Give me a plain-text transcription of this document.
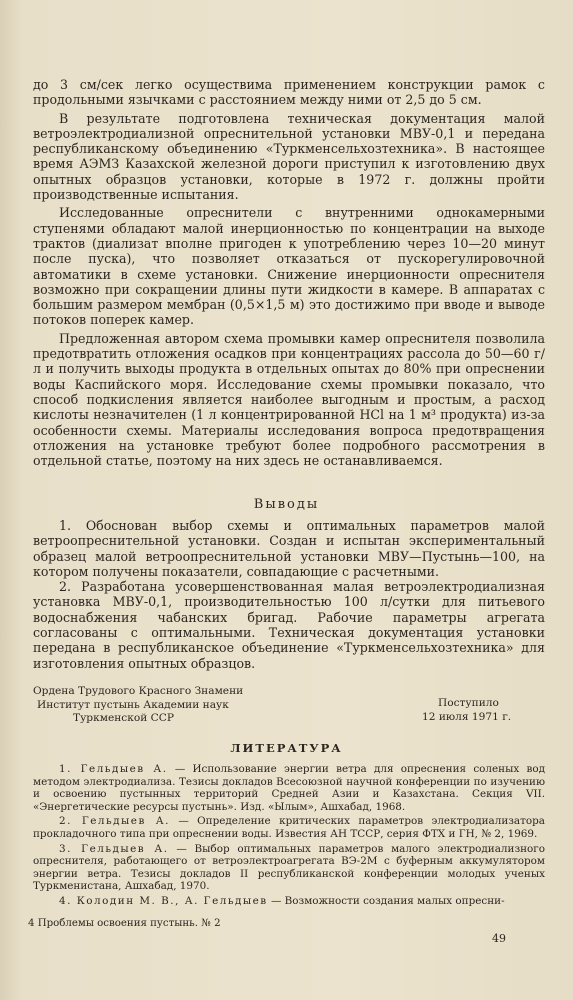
до 3 см/сек легко осуществима применением конструкции рамок с продольными язычками с расстоянием между ними от 2,5 до 5 см.

В результате подготовлена техническая документация малой ветроэлектродиализной опреснительной установки МВУ-0,1 и передана республиканскому объединению «Туркменсельхозтехника». В настоящее время АЭМЗ Казахской железной дороги приступил к изготовлению двух опытных образцов установки, которые в 1972 г. должны пройти производственные испытания.

Исследованные опреснители с внутренними однокамерными ступенями обладают малой инерционностью по концентрации на выходе трактов (диализат вполне пригоден к употреблению через 10—20 минут после пуска), что позволяет отказаться от пускорегулировочной автоматики в схеме установки. Снижение инерционности опреснителя возможно при сокращении длины пути жидкости в камере. В аппаратах с большим размером мембран (0,5×1,5 м) это достижимо при вводе и выводе потоков поперек камер.

Предложенная автором схема промывки камер опреснителя позволила предотвратить отложения осадков при концентрациях рассола до 50—60 г/л и получить выходы продукта в отдельных опытах до 80% при опреснении воды Каспийского моря. Исследование схемы промывки показало, что способ подкисления является наиболее выгодным и простым, а расход кислоты незначителен (1 л концентрированной HCl на 1 м³ продукта) из-за особенности схемы. Материалы исследования вопроса предотвращения отложения на установке требуют более подробного рассмотрения в отдельной статье, поэтому на них здесь не останавливаемся.

Выводы

1. Обоснован выбор схемы и оптимальных параметров малой ветроопреснительной установки. Создан и испытан экспериментальный образец малой ветроопреснительной установки МВУ—Пустынь—100, на котором получены показатели, совпадающие с расчетными.

2. Разработана усовершенствованная малая ветроэлектродиализная установка МВУ-0,1, производительностью 100 л/сутки для питьевого водоснабжения чабанских бригад. Рабочие параметры агрегата согласованы с оптимальными. Техническая документация установки передана в республиканское объединение «Туркменсельхозтехника» для изготовления опытных образцов.

Ордена Трудового Красного Знамени
Институт пустынь Академии наук
Туркменской ССР
Поступило
12 июля 1971 г.
ЛИТЕРАТУРА

1. Гельдыев А. — Использование энергии ветра для опреснения соленых вод методом электродиализа. Тезисы докладов Всесоюзной научной конференции по изучению и освоению пустынных территорий Средней Азии и Казахстана. Секция VII. «Энергетические ресурсы пустынь». Изд. «Ылым», Ашхабад, 1968.

2. Гельдыев А. — Определение критических параметров электродиализатора прокладочного типа при опреснении воды. Известия АН ТССР, серия ФТХ и ГН, № 2, 1969.

3. Гельдыев А. — Выбор оптимальных параметров малого электродиализного опреснителя, работающего от ветроэлектроагрегата ВЭ-2М с буферным аккумулятором энергии ветра. Тезисы докладов II республиканской конференции молодых ученых Туркменистана, Ашхабад, 1970.

4. Колодин М. В., А. Гельдыев — Возможности создания малых опресни-

4 Проблемы освоения пустынь. № 2
49
